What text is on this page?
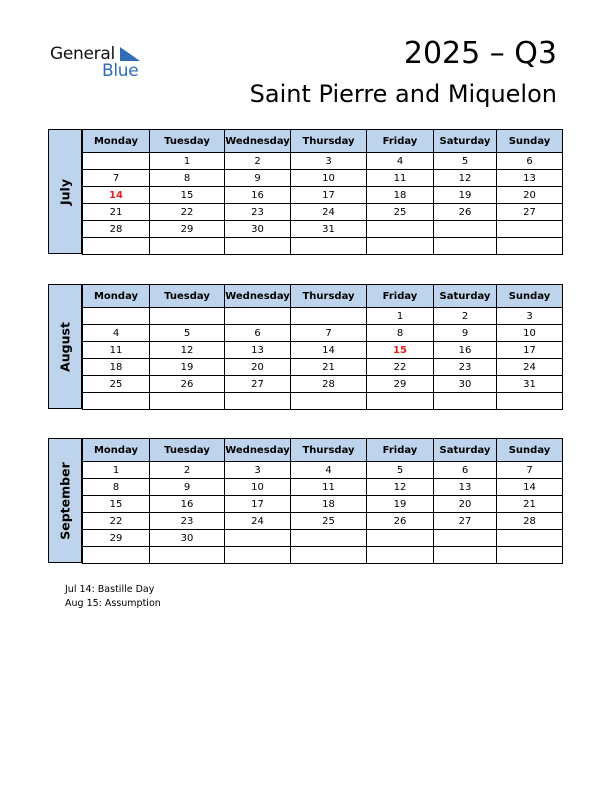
General
Blue	2025 – Q3
Saint Pierre and Miquelon
July
Monday	Tuesday	Wednesday	Thursday	Friday	Saturday	Sunday
	1	2	3	4	5	6
7	8	9	10	11	12	13
14	15	16	17	18	19	20
21	22	23	24	25	26	27
28	29	30	31			

August
Monday	Tuesday	Wednesday	Thursday	Friday	Saturday	Sunday
				1	2	3
4	5	6	7	8	9	10
11	12	13	14	15	16	17
18	19	20	21	22	23	24
25	26	27	28	29	30	31

September
Monday	Tuesday	Wednesday	Thursday	Friday	Saturday	Sunday
1	2	3	4	5	6	7
8	9	10	11	12	13	14
15	16	17	18	19	20	21
22	23	24	25	26	27	28
29	30					

Jul 14: Bastille Day
Aug 15: Assumption
